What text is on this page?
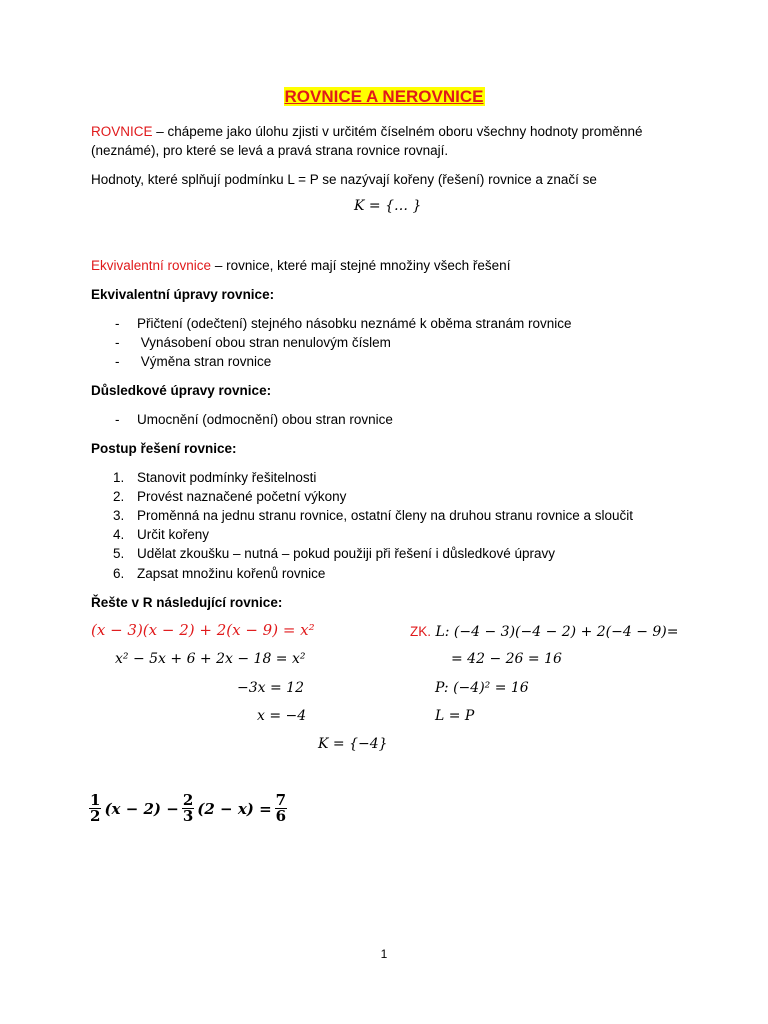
ROVNICE A NEROVNICE
ROVNICE – chápeme jako úlohu zjisti v určitém číselném oboru všechny hodnoty proměnné
(neznámé), pro které se levá a pravá strana rovnice rovnají.
Hodnoty, které splňují podmínku L = P se nazývají kořeny (řešení) rovnice a značí se
K = {… }
Ekvivalentní rovnice – rovnice, které mají stejné množiny všech řešení
Ekvivalentní úpravy rovnice:
- Přičtení (odečtení) stejného násobku neznámé k oběma stranám rovnice
- Vynásobení obou stran nenulovým číslem
- Výměna stran rovnice
Důsledkové úpravy rovnice:
- Umocnění (odmocnění) obou stran rovnice
Postup řešení rovnice:
1. Stanovit podmínky řešitelnosti
2. Provést naznačené početní výkony
3. Proměnná na jednu stranu rovnice, ostatní členy na druhou stranu rovnice a sloučit
4. Určit kořeny
5. Udělat zkoušku – nutná – pokud použiji při řešení i důsledkové úpravy
6. Zapsat množinu kořenů rovnice
Řešte v R následující rovnice:
(x − 3)(x − 2) + 2(x − 9) = x²
x² − 5x + 6 + 2x − 18 = x²
−3x = 12
x = −4
K = {−4}
ZK. L: (−4 − 3)(−4 − 2) + 2(−4 − 9)=
= 42 − 26 = 16
P: (−4)² = 16
L = P
$\frac{1}{2} (x - 2) - \frac{2}{3} (2 - x) = \frac{7}{6}$
1
